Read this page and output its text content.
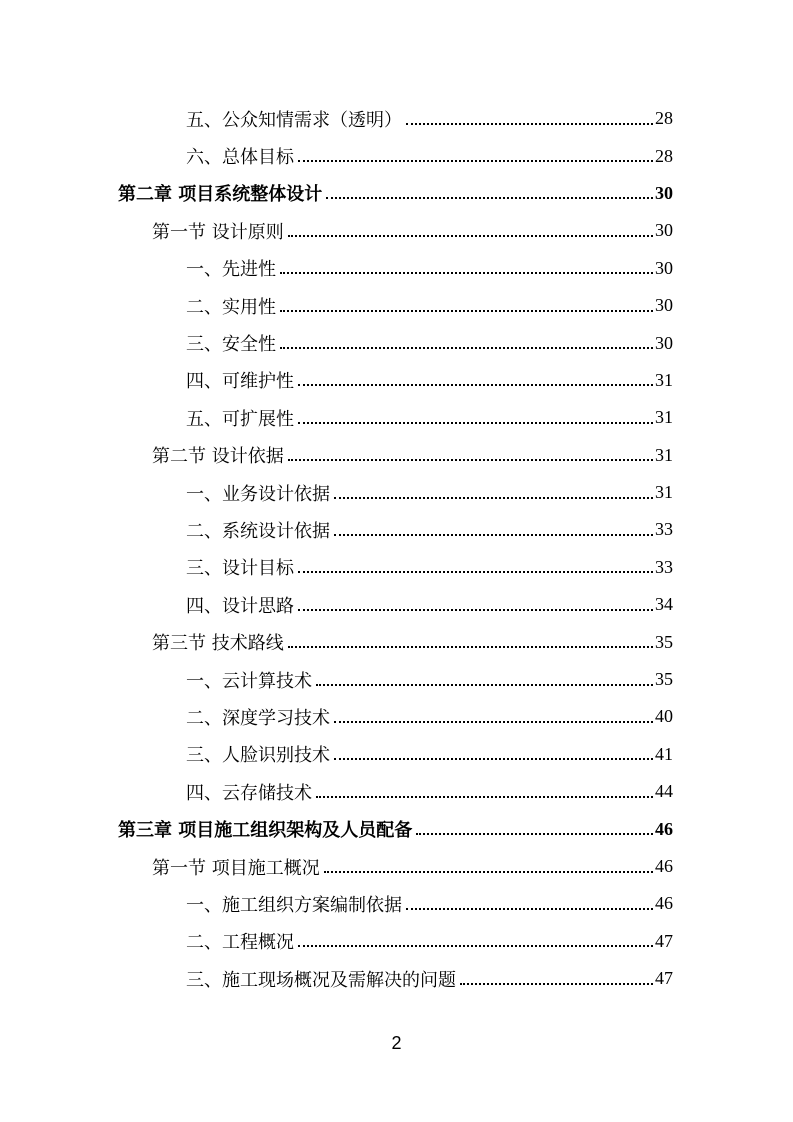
五、公众知情需求（透明）	28
六、总体目标	28
第二章 项目系统整体设计	30
第一节 设计原则	30
一、先进性	30
二、实用性	30
三、安全性	30
四、可维护性	31
五、可扩展性	31
第二节 设计依据	31
一、业务设计依据	31
二、系统设计依据	33
三、设计目标	33
四、设计思路	34
第三节 技术路线	35
一、云计算技术	35
二、深度学习技术	40
三、人脸识别技术	41
四、云存储技术	44
第三章 项目施工组织架构及人员配备	46
第一节 项目施工概况	46
一、施工组织方案编制依据	46
二、工程概况	47
三、施工现场概况及需解决的问题	47
2
